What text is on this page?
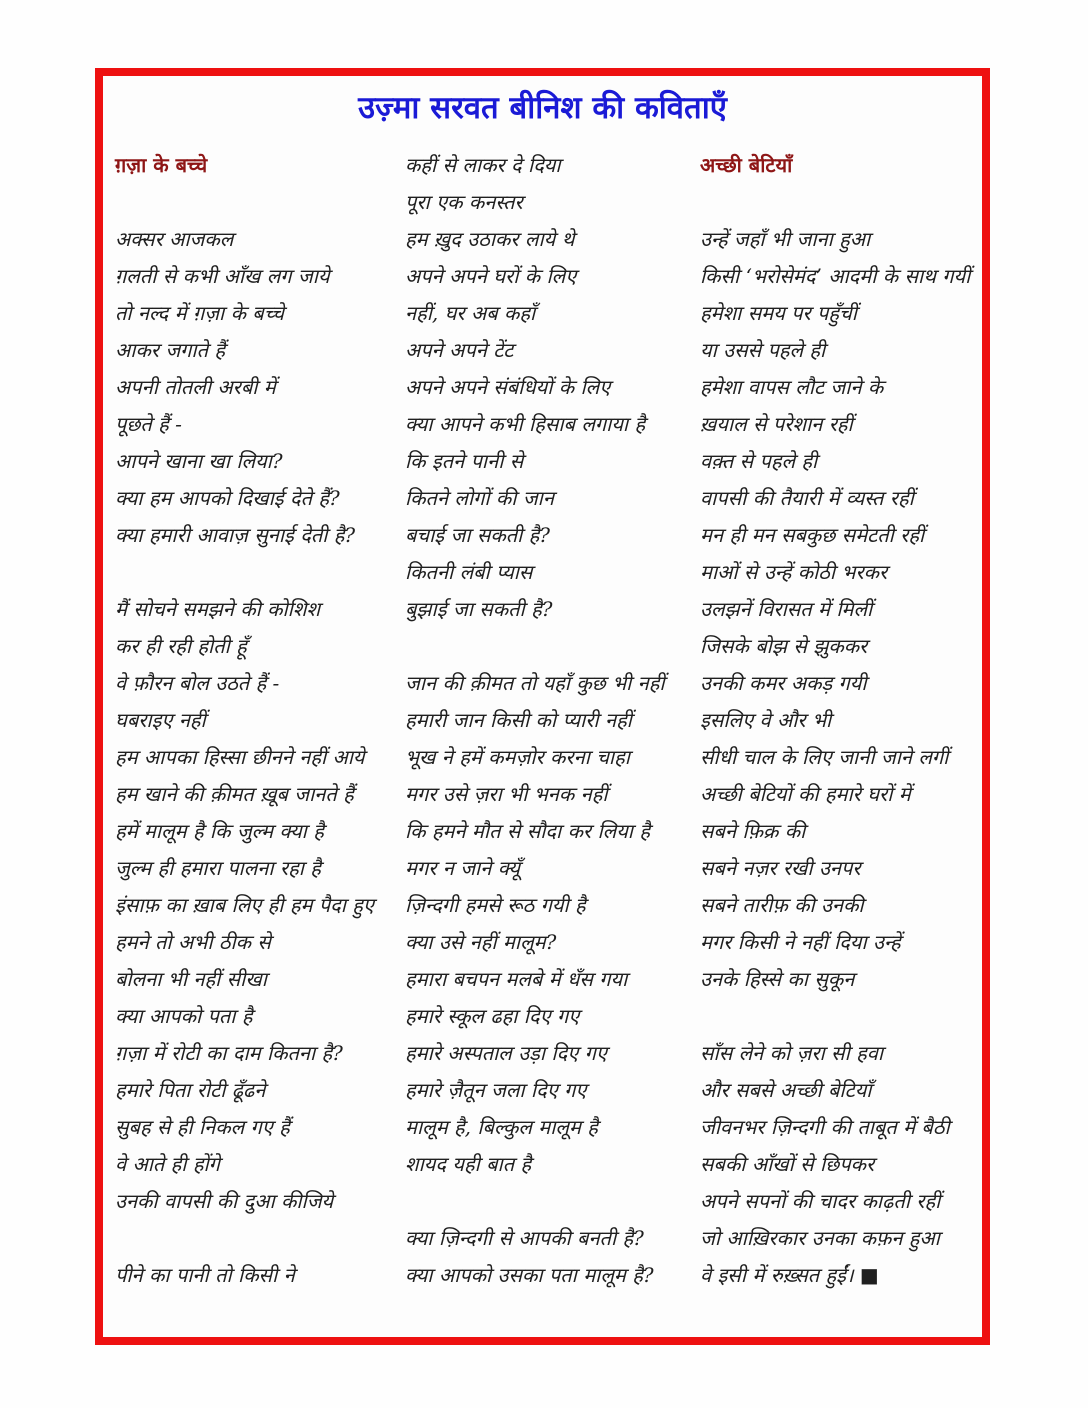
उज़्मा सरवत बीनिश की कविताएँ
ग़ज़ा के बच्चे
अक्सर आजकल
ग़लती से कभी आँख लग जाये
तो नल्द में ग़ज़ा के बच्चे
आकर जगाते हैं
अपनी तोतली अरबी में
पूछते हैं -
आपने खाना खा लिया?
क्या हम आपको दिखाई देते हैं?
क्या हमारी आवाज़ सुनाई देती है?
मैं सोचने समझने की कोशिश
कर ही रही होती हूँ
वे फ़ौरन बोल उठते हैं -
घबराइए नहीं
हम आपका हिस्सा छीनने नहीं आये
हम खाने की क़ीमत ख़ूब जानते हैं
हमें मालूम है कि जुल्म क्या है
जुल्म ही हमारा पालना रहा है
इंसाफ़ का ख़ाब लिए ही हम पैदा हुए
हमने तो अभी ठीक से
बोलना भी नहीं सीखा
क्या आपको पता है
ग़ज़ा में रोटी का दाम कितना है?
हमारे पिता रोटी ढूँढने
सुबह से ही निकल गए हैं
वे आते ही होंगे
उनकी वापसी की दुआ कीजिये
पीने का पानी तो किसी ने
कहीं से लाकर दे दिया
पूरा एक कनस्तर
हम ख़ुद उठाकर लाये थे
अपने अपने घरों के लिए
नहीं, घर अब कहाँ
अपने अपने टेंट
अपने अपने संबंधियों के लिए
क्या आपने कभी हिसाब लगाया है
कि इतने पानी से
कितने लोगों की जान
बचाई जा सकती है?
कितनी लंबी प्यास
बुझाई जा सकती है?
जान की क़ीमत तो यहाँ कुछ भी नहीं
हमारी जान किसी को प्यारी नहीं
भूख ने हमें कमज़ोर करना चाहा
मगर उसे ज़रा भी भनक नहीं
कि हमने मौत से सौदा कर लिया है
मगर न जाने क्यूँ
ज़िन्दगी हमसे रूठ गयी है
क्या उसे नहीं मालूम?
हमारा बचपन मलबे में धँस गया
हमारे स्कूल ढहा दिए गए
हमारे अस्पताल उड़ा दिए गए
हमारे ज़ैतून जला दिए गए
मालूम है, बिल्कुल मालूम है
शायद यही बात है
क्या ज़िन्दगी से आपकी बनती है?
क्या आपको उसका पता मालूम है?
अच्छी बेटियाँ
उन्हें जहाँ भी जाना हुआ
किसी ‘भरोसेमंद’ आदमी के साथ गयीं
हमेशा समय पर पहुँचीं
या उससे पहले ही
हमेशा वापस लौट जाने के
ख़याल से परेशान रहीं
वक़्त से पहले ही
वापसी की तैयारी में व्यस्त रहीं
मन ही मन सबकुछ समेटती रहीं
माओं से उन्हें कोठी भरकर
उलझनें विरासत में मिलीं
जिसके बोझ से झुककर
उनकी कमर अकड़ गयी
इसलिए वे और भी
सीधी चाल के लिए जानी जाने लगीं
अच्छी बेटियों की हमारे घरों में
सबने फ़िक्र की
सबने नज़र रखी उनपर
सबने तारीफ़ की उनकी
मगर किसी ने नहीं दिया उन्हें
उनके हिस्से का सुकून
साँस लेने को ज़रा सी हवा
और सबसे अच्छी बेटियाँ
जीवनभर ज़िन्दगी की ताबूत में बैठी
सबकी आँखों से छिपकर
अपने सपनों की चादर काढ़ती रहीं
जो आख़िरकार उनका कफ़न हुआ
वे इसी में रुख़्सत हुईं। ■
